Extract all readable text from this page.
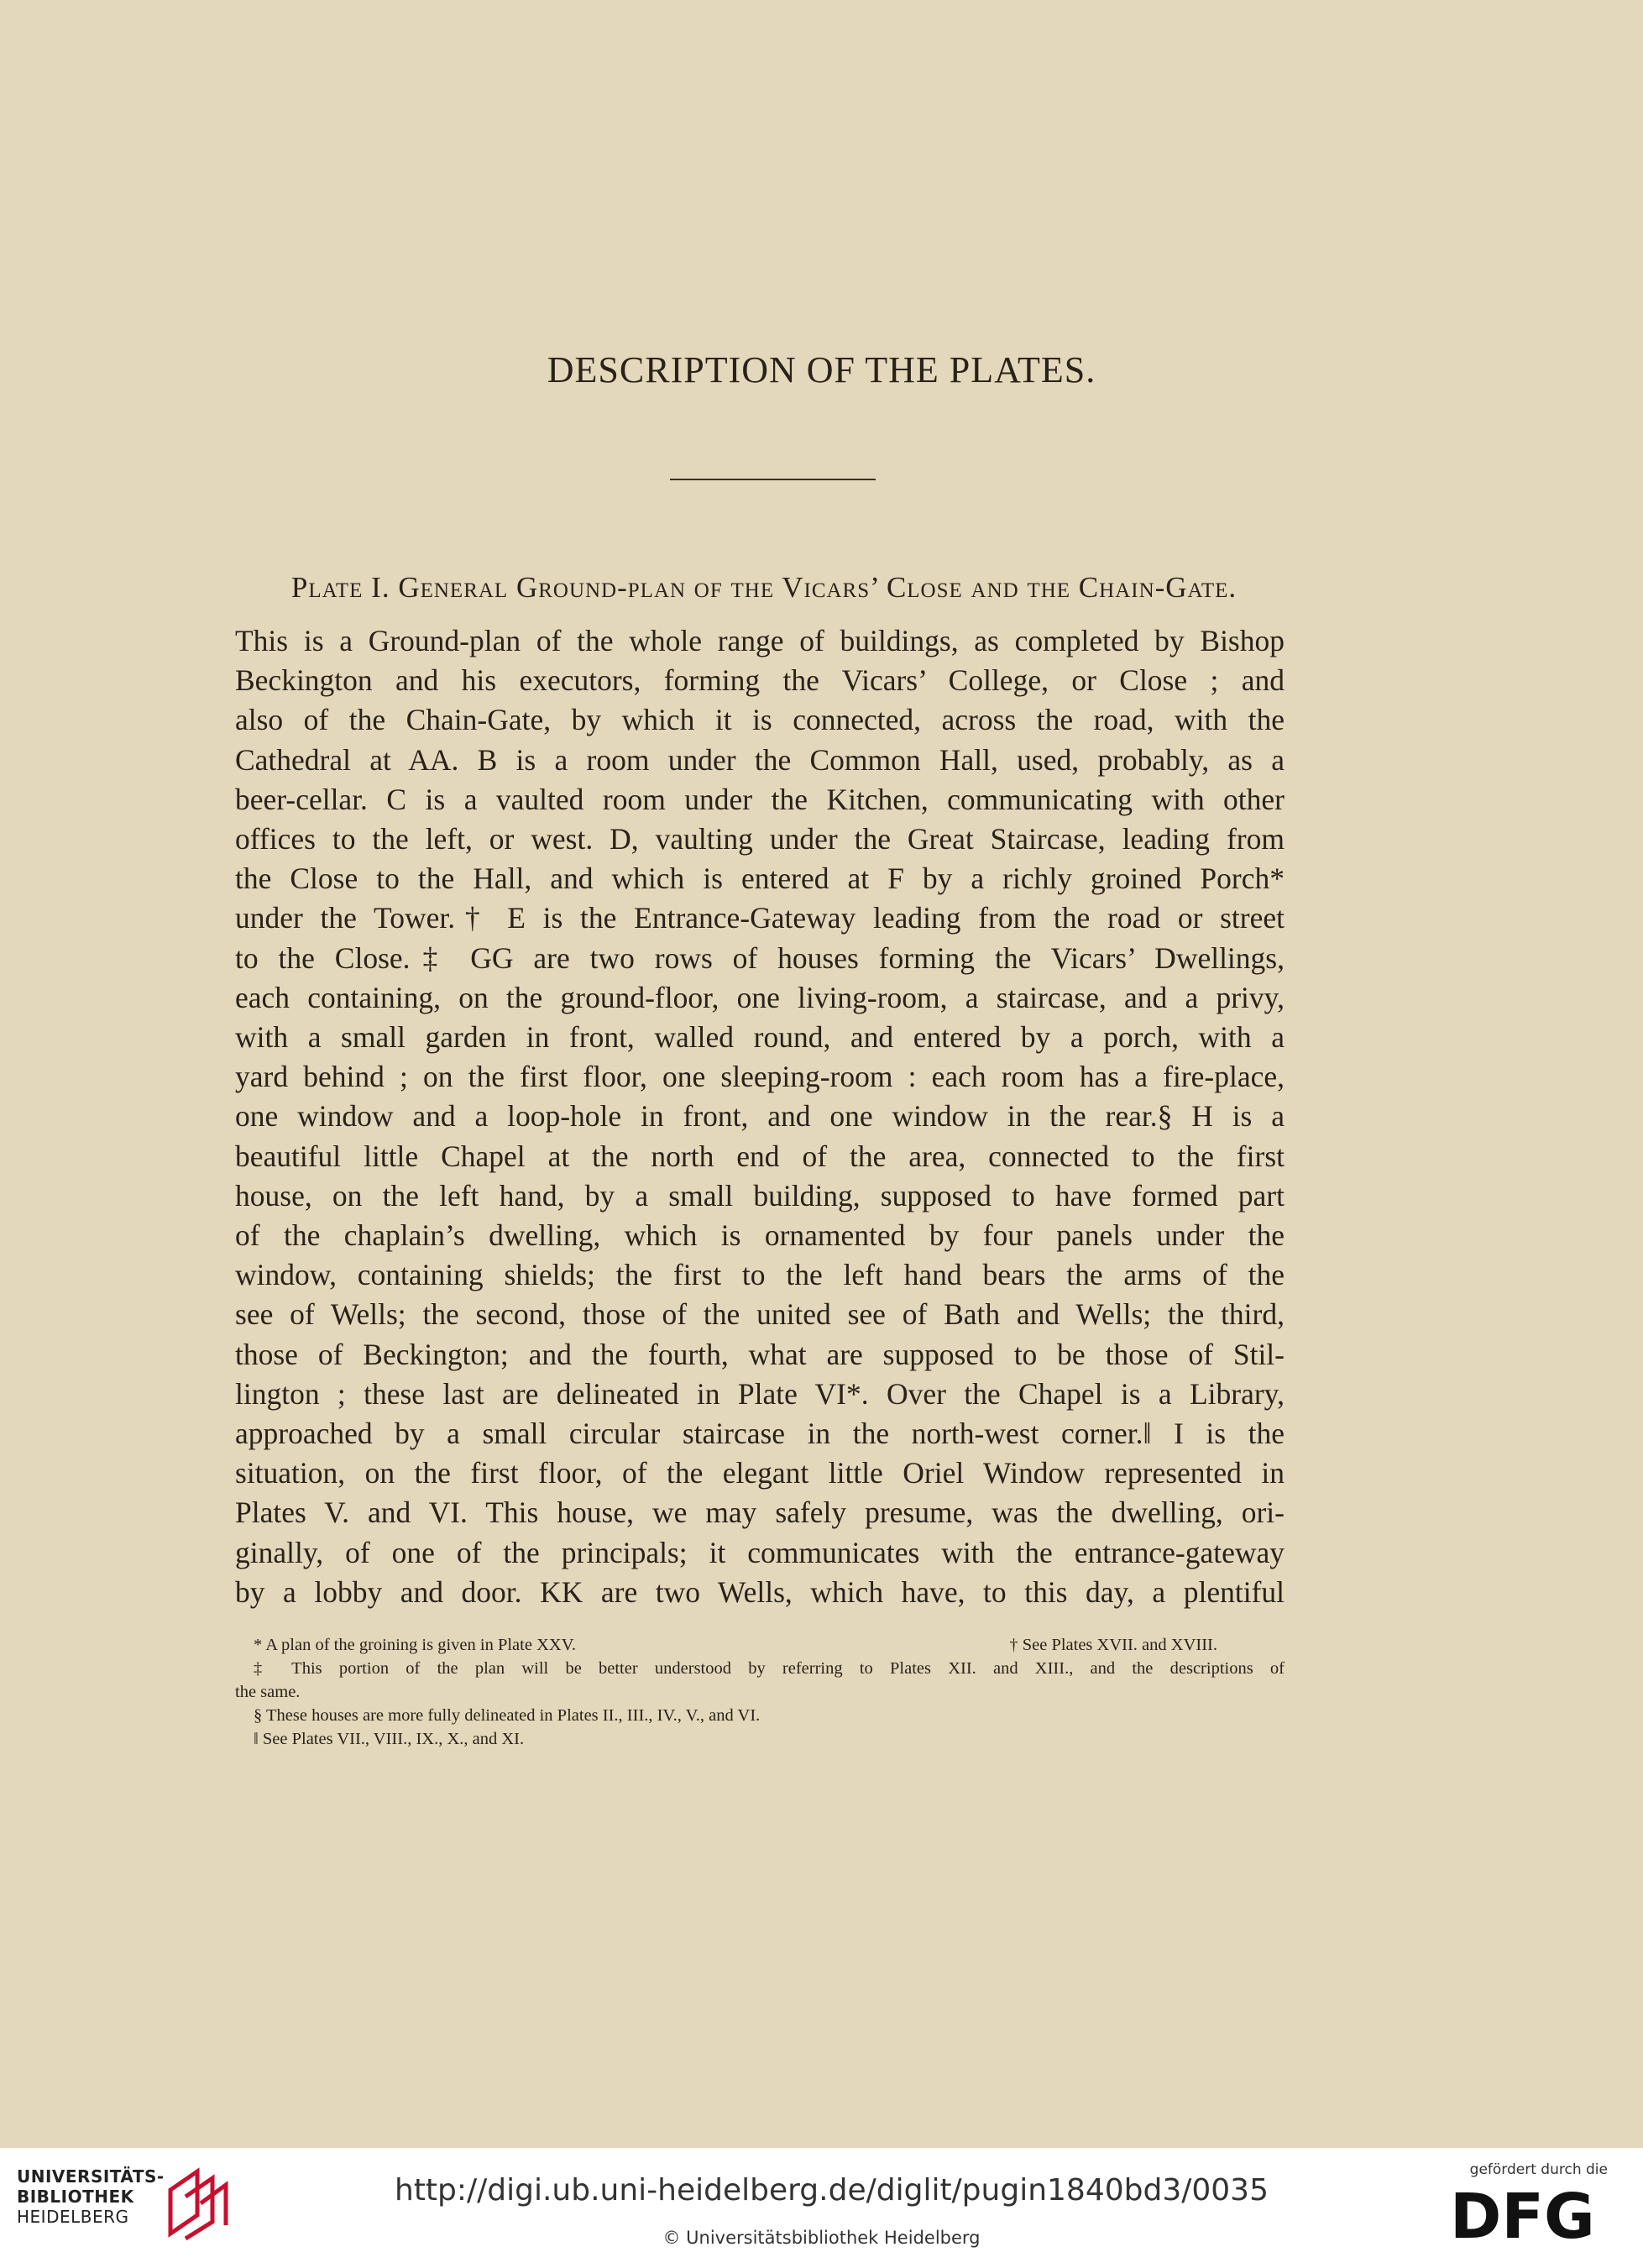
DESCRIPTION OF THE PLATES.
Plate I. General Ground-plan of the Vicars’ Close and the Chain-Gate.
This is a Ground-plan of the whole range of buildings, as completed by Bishop
Beckington and his executors, forming the Vicars’ College, or Close ; and
also of the Chain-Gate, by which it is connected, across the road, with the
Cathedral at AA. B is a room under the Common Hall, used, probably, as a
beer-cellar. C is a vaulted room under the Kitchen, communicating with other
offices to the left, or west. D, vaulting under the Great Staircase, leading from
the Close to the Hall, and which is entered at F by a richly groined Porch*
under the Tower.† E is the Entrance-Gateway leading from the road or street
to the Close.‡ GG are two rows of houses forming the Vicars’ Dwellings,
each containing, on the ground-floor, one living-room, a staircase, and a privy,
with a small garden in front, walled round, and entered by a porch, with a
yard behind ; on the first floor, one sleeping-room : each room has a fire-place,
one window and a loop-hole in front, and one window in the rear.§ H is a
beautiful little Chapel at the north end of the area, connected to the first
house, on the left hand, by a small building, supposed to have formed part
of the chaplain’s dwelling, which is ornamented by four panels under the
window, containing shields; the first to the left hand bears the arms of the
see of Wells; the second, those of the united see of Bath and Wells; the third,
those of Beckington; and the fourth, what are supposed to be those of Stil-
lington ; these last are delineated in Plate VI*. Over the Chapel is a Library,
approached by a small circular staircase in the north-west corner.‖ I is the
situation, on the first floor, of the elegant little Oriel Window represented in
Plates V. and VI. This house, we may safely presume, was the dwelling, ori-
ginally, of one of the principals; it communicates with the entrance-gateway
by a lobby and door. KK are two Wells, which have, to this day, a plentiful
* A plan of the groining is given in Plate XXV.	† See Plates XVII. and XVIII.
‡ This portion of the plan will be better understood by referring to Plates XII. and XIII., and the descriptions of
the same.
§ These houses are more fully delineated in Plates II., III., IV., V., and VI.
‖ See Plates VII., VIII., IX., X., and XI.
UNIVERSITÄTS-
BIBLIOTHEK
HEIDELBERG
http://digi.ub.uni-heidelberg.de/diglit/pugin1840bd3/0035
© Universitätsbibliothek Heidelberg
gefördert durch die
DFG
